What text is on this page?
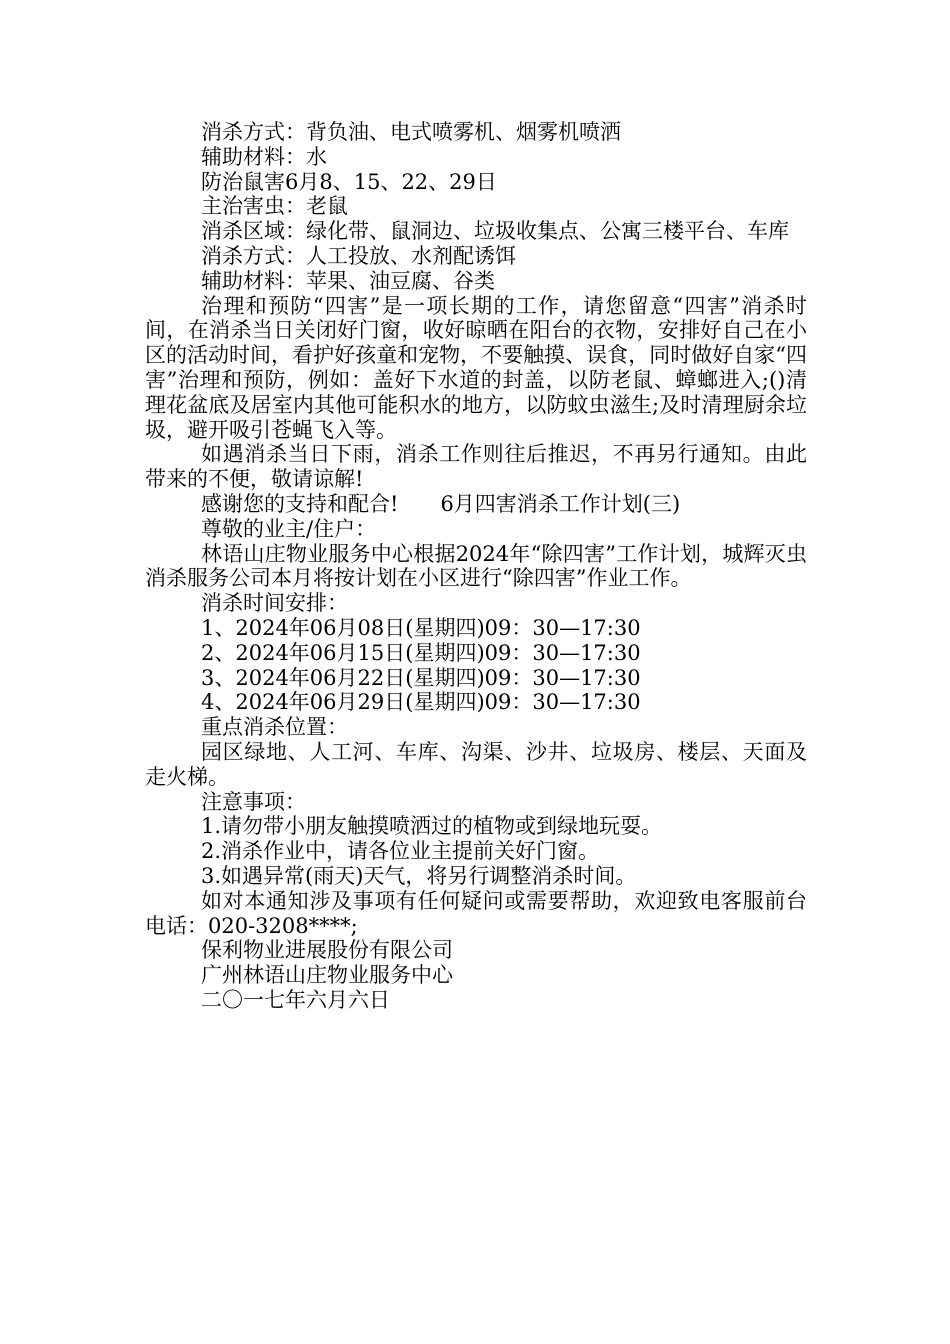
消杀方式：背负油、电式喷雾机、烟雾机喷洒

辅助材料：水

防治鼠害6月8、15、22、29日

主治害虫：老鼠

消杀区域：绿化带、鼠洞边、垃圾收集点、公寓三楼平台、车库

消杀方式：人工投放、水剂配诱饵

辅助材料：苹果、油豆腐、谷类

治理和预防“四害”是一项长期的工作，请您留意“四害”消杀时间，在消杀当日关闭好门窗，收好晾晒在阳台的衣物，安排好自己在小区的活动时间，看护好孩童和宠物，不要触摸、误食，同时做好自家“四害”治理和预防，例如：盖好下水道的封盖，以防老鼠、蟑螂进入;()清理花盆底及居室内其他可能积水的地方，以防蚊虫滋生;及时清理厨余垃圾，避开吸引苍蝇飞入等。

如遇消杀当日下雨，消杀工作则往后推迟，不再另行通知。由此带来的不便，敬请谅解!

感谢您的支持和配合!　　6月四害消杀工作计划(三)

尊敬的业主/住户：

林语山庄物业服务中心根据2024年“除四害”工作计划，城辉灭虫消杀服务公司本月将按计划在小区进行“除四害”作业工作。

消杀时间安排：

1、2024年06月08日(星期四)09：30—17:30

2、2024年06月15日(星期四)09：30—17:30

3、2024年06月22日(星期四)09：30—17:30

4、2024年06月29日(星期四)09：30—17:30

重点消杀位置：

园区绿地、人工河、车库、沟渠、沙井、垃圾房、楼层、天面及走火梯。

注意事项：

1.请勿带小朋友触摸喷洒过的植物或到绿地玩耍。

2.消杀作业中，请各位业主提前关好门窗。

3.如遇异常(雨天)天气，将另行调整消杀时间。

如对本通知涉及事项有任何疑问或需要帮助，欢迎致电客服前台电话：020-3208****;

保利物业进展股份有限公司

广州林语山庄物业服务中心

二〇一七年六月六日
